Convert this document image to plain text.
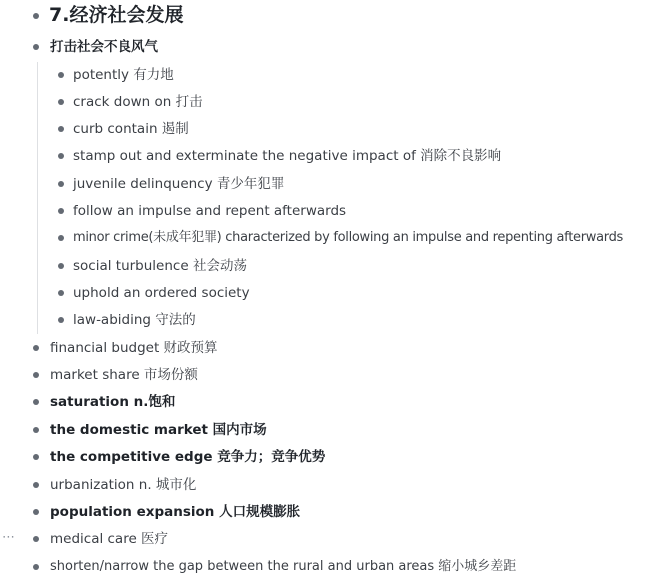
7.经济社会发展
打击社会不良风气
potently 有力地
crack down on 打击
curb contain 遏制
stamp out and exterminate the negative impact of 消除不良影响
juvenile delinquency 青少年犯罪
follow an impulse and repent afterwards
minor crime(未成年犯罪) characterized by following an impulse and repenting afterwards
social turbulence 社会动荡
uphold an ordered society
law-abiding 守法的
financial budget 财政预算
market share 市场份额
saturation n.饱和
the domestic market 国内市场
the competitive edge 竞争力；竞争优势
urbanization n. 城市化
population expansion 人口规模膨胀
⋯	medical care 医疗
shorten/narrow the gap between the rural and urban areas 缩小城乡差距
